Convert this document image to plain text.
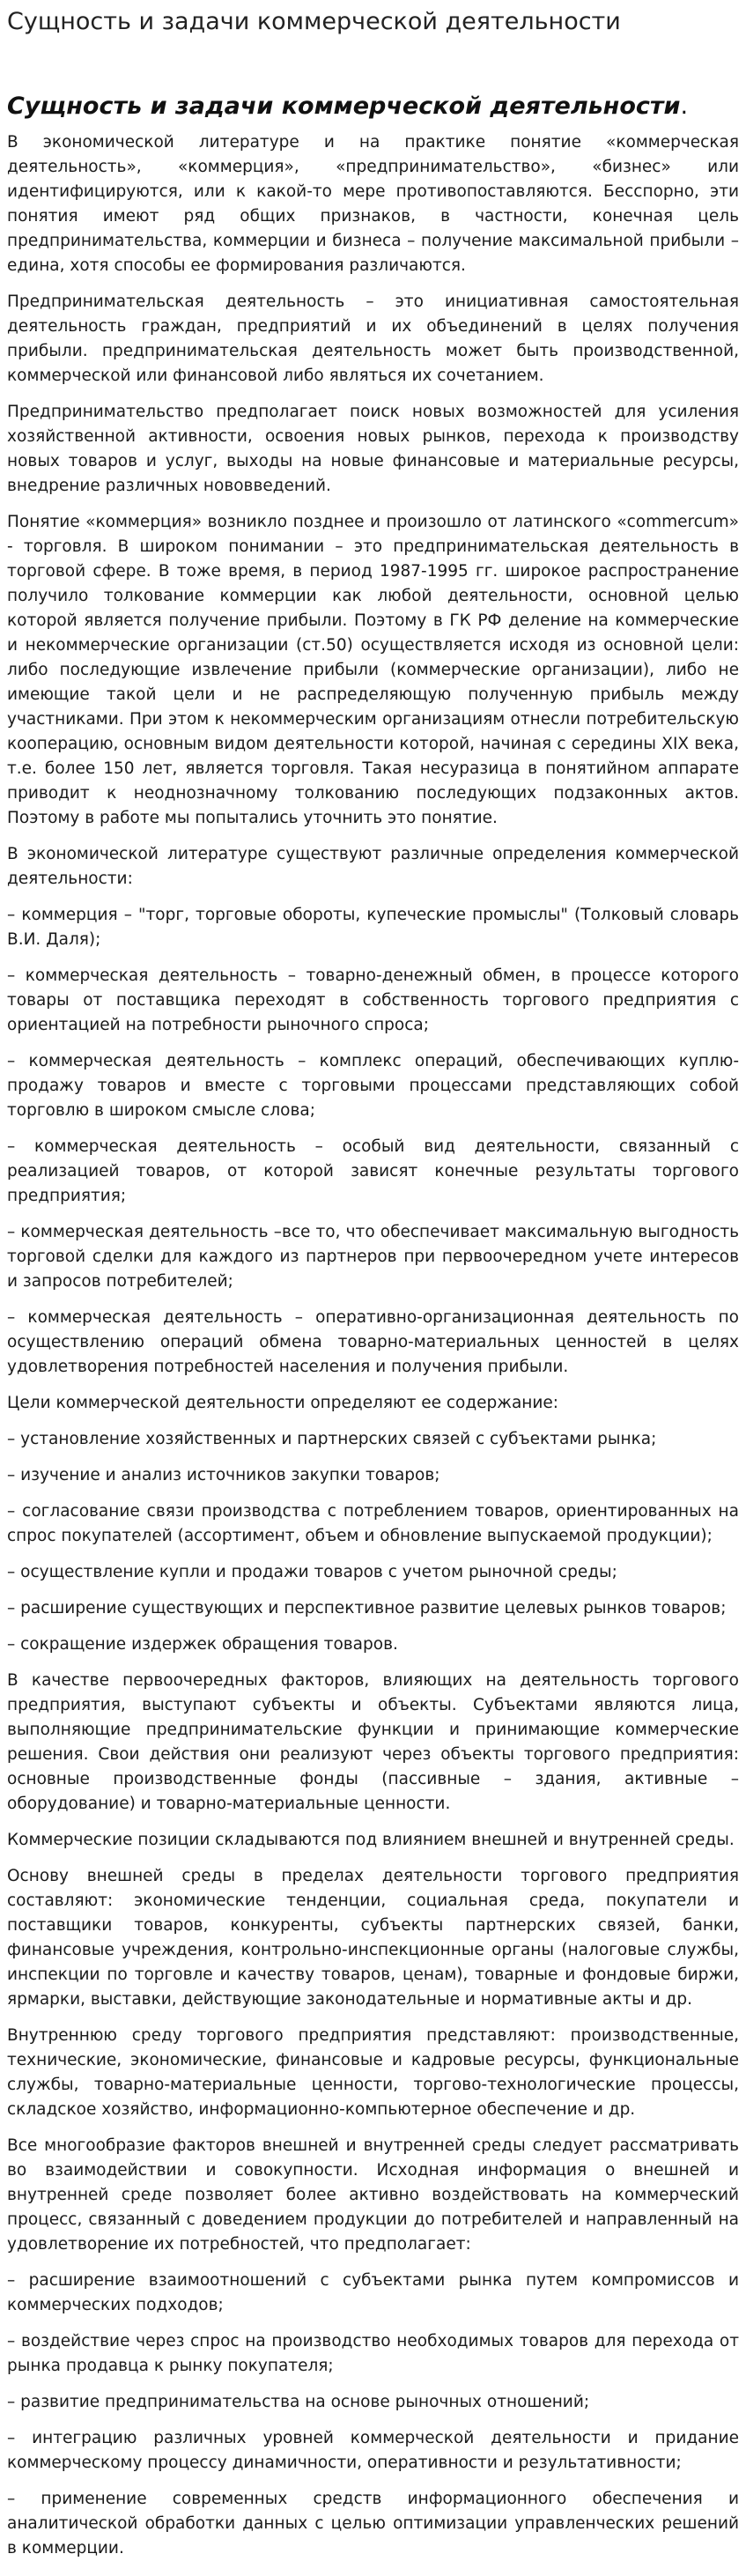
Сущность и задачи коммерческой деятельности
Сущность и задачи коммерческой деятельности.

В экономической литературе и на практике понятие «коммерческая деятельность», «коммерция», «предпринимательство», «бизнес» или идентифицируются, или к какой-то мере противопоставляются. Бесспорно, эти понятия имеют ряд общих признаков, в частности, конечная цель предпринимательства, коммерции и бизнеса – получение максимальной прибыли – едина, хотя способы ее формирования различаются.

Предпринимательская деятельность – это инициативная самостоятельная деятельность граждан, предприятий и их объединений в целях получения прибыли. предпринимательская деятельность может быть производственной, коммерческой или финансовой либо являться их сочетанием.

Предпринимательство предполагает поиск новых возможностей для усиления хозяйственной активности, освоения новых рынков, перехода к производству новых товаров и услуг, выходы на новые финансовые и материальные ресурсы, внедрение различных нововведений.

Понятие «коммерция» возникло позднее и произошло от латинского «commercum» - торговля. В широком понимании – это предпринимательская деятельность в торговой сфере. В тоже время, в период 1987-1995 гг. широкое распространение получило толкование коммерции как любой деятельности, основной целью которой является получение прибыли. Поэтому в ГК РФ деление на коммерческие и некоммерческие организации (ст.50) осуществляется исходя из основной цели: либо последующие извлечение прибыли (коммерческие организации), либо не имеющие такой цели и не распределяющую полученную прибыль между участниками. При этом к некоммерческим организациям отнесли потребительскую кооперацию, основным видом деятельности которой, начиная с середины XIX века, т.е. более 150 лет, является торговля. Такая несуразица в понятийном аппарате приводит к неоднозначному толкованию последующих подзаконных актов. Поэтому в работе мы попытались уточнить это понятие.

В экономической литературе существуют различные определения коммерческой деятельности:

– коммерция – "торг, торговые обороты, купеческие промыслы" (Толковый словарь В.И. Даля);

– коммерческая деятельность – товарно-денежный обмен, в процессе которого товары от поставщика переходят в собственность торгового предприятия с ориентацией на потребности рыночного спроса;

– коммерческая деятельность – комплекс операций, обеспечивающих куплю-продажу товаров и вместе с торговыми процессами представляющих собой торговлю в широком смысле слова;

– коммерческая деятельность – особый вид деятельности, связанный с реализацией товаров, от которой зависят конечные результаты торгового предприятия;

– коммерческая деятельность –все то, что обеспечивает максимальную выгодность торговой сделки для каждого из партнеров при первоочередном учете интересов и запросов потребителей;

– коммерческая деятельность – оперативно-организационная деятельность по осуществлению операций обмена товарно-материальных ценностей в целях удовлетворения потребностей населения и получения прибыли.

Цели коммерческой деятельности определяют ее содержание:

– установление хозяйственных и партнерских связей с субъектами рынка;

– изучение и анализ источников закупки товаров;

– согласование связи производства с потреблением товаров, ориентированных на спрос покупателей (ассортимент, объем и обновление выпускаемой продукции);

– осуществление купли и продажи товаров с учетом рыночной среды;

– расширение существующих и перспективное развитие целевых рынков товаров;

– сокращение издержек обращения товаров.

В качестве первоочередных факторов, влияющих на деятельность торгового предприятия, выступают субъекты и объекты. Субъектами являются лица, выполняющие предпринимательские функции и принимающие коммерческие решения. Свои действия они реализуют через объекты торгового предприятия: основные производственные фонды (пассивные – здания, активные – оборудование) и товарно-материальные ценности.

Коммерческие позиции складываются под влиянием внешней и внутренней среды.

Основу внешней среды в пределах деятельности торгового предприятия составляют: экономические тенденции, социальная среда, покупатели и поставщики товаров, конкуренты, субъекты партнерских связей, банки, финансовые учреждения, контрольно-инспекционные органы (налоговые службы, инспекции по торговле и качеству товаров, ценам), товарные и фондовые биржи, ярмарки, выставки, действующие законодательные и нормативные акты и др.

Внутреннюю среду торгового предприятия представляют: производственные, технические, экономические, финансовые и кадровые ресурсы, функциональные службы, товарно-материальные ценности, торгово-технологические процессы, складское хозяйство, информационно-компьютерное обеспечение и др.

Все многообразие факторов внешней и внутренней среды следует рассматривать во взаимодействии и совокупности. Исходная информация о внешней и внутренней среде позволяет более активно воздействовать на коммерческий процесс, связанный с доведением продукции до потребителей и направленный на удовлетворение их потребностей, что предполагает:

– расширение взаимоотношений с субъектами рынка путем компромиссов и коммерческих подходов;

– воздействие через спрос на производство необходимых товаров для перехода от рынка продавца к рынку покупателя;

– развитие предпринимательства на основе рыночных отношений;

– интеграцию различных уровней коммерческой деятельности и придание коммерческому процессу динамичности, оперативности и результативности;

– применение современных средств информационного обеспечения и аналитической обработки данных с целью оптимизации управленческих решений в коммерции.
